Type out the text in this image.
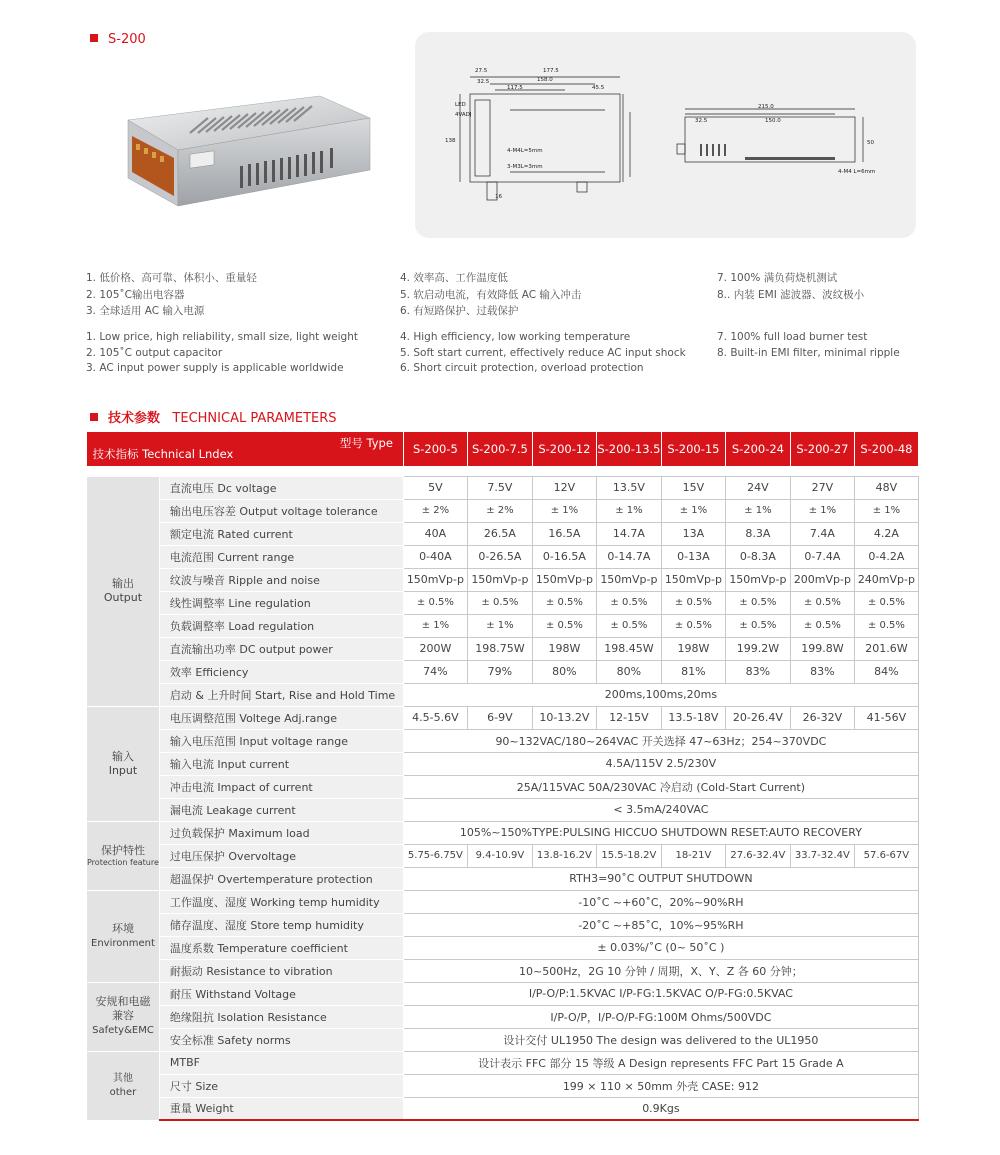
S-200
27.5	177.5
32.5	158.0
117.5	45.5
LED
4VADJ
4-M4L=5mm
3-M3L=3mm
138
16
215.0
32.5	150.0
50
4-M4 L=6mm
1. 低价格、高可靠、体积小、重量轻
2. 105˚C输出电容器
3. 全球适用 AC 输入电源
4. 效率高、工作温度低
5. 软启动电流，有效降低 AC 输入冲击
6. 有短路保护、过载保护
7. 100% 满负荷烧机测试
8.. 内装 EMI 滤波器、波纹极小
1. Low price, high reliability, small size, light weight
2. 105˚C output capacitor
3. AC input power supply is applicable worldwide
4. High efficiency, low working temperature
5. Soft start current, effectively reduce AC input shock
6. Short circuit protection, overload protection
7. 100% full load burner test
8. Built-in EMI filter, minimal ripple
技术参数 TECHNICAL PARAMETERS
型号 Type
技术指标 Technical Lndex		S-200-5	S-200-7.5	S-200-12	S-200-13.5	S-200-15	S-200-24	S-200-27	S-200-48

输出
Output	直流电压 Dc voltage	5V	7.5V	12V	13.5V	15V	24V	27V	48V
	输出电压容差 Output voltage tolerance	± 2%	± 2%	± 1%	± 1%	± 1%	± 1%	± 1%	± 1%
	额定电流 Rated current	40A	26.5A	16.5A	14.7A	13A	8.3A	7.4A	4.2A
	电流范围 Current range	0-40A	0-26.5A	0-16.5A	0-14.7A	0-13A	0-8.3A	0-7.4A	0-4.2A
	纹波与噪音 Ripple and noise	150mVp-p	150mVp-p	150mVp-p	150mVp-p	150mVp-p	150mVp-p	200mVp-p	240mVp-p
	线性调整率 Line regulation	± 0.5%	± 0.5%	± 0.5%	± 0.5%	± 0.5%	± 0.5%	± 0.5%	± 0.5%
	负载调整率 Load regulation	± 1%	± 1%	± 0.5%	± 0.5%	± 0.5%	± 0.5%	± 0.5%	± 0.5%
	直流输出功率 DC output power	200W	198.75W	198W	198.45W	198W	199.2W	199.8W	201.6W
	效率 Efficiency	74%	79%	80%	80%	81%	83%	83%	84%
	启动 & 上升时间 Start, Rise and Hold Time	200ms,100ms,20ms							
输入
Input	电压调整范围 Voltege Adj.range	4.5-5.6V	6-9V	10-13.2V	12-15V	13.5-18V	20-26.4V	26-32V	41-56V
	输入电压范围 Input voltage range	90~132VAC/180~264VAC 开关选择 47~63Hz；254~370VDC							
	输入电流 Input current	4.5A/115V 2.5/230V							
	冲击电流 Impact of current	25A/115VAC 50A/230VAC 冷启动 (Cold-Start Current)							
	漏电流 Leakage current	< 3.5mA/240VAC							
保护特性
Protection feature	过负载保护 Maximum load	105%~150%TYPE:PULSING HICCUO SHUTDOWN RESET:AUTO RECOVERY							
	过电压保护 Overvoltage	5.75-6.75V	9.4-10.9V	13.8-16.2V	15.5-18.2V	18-21V	27.6-32.4V	33.7-32.4V	57.6-67V
	超温保护 Overtemperature protection	RTH3=90˚C OUTPUT SHUTDOWN							
环境
Environment	工作温度、湿度 Working temp humidity	-10˚C ~+60˚C，20%~90%RH							
	储存温度、湿度 Store temp humidity	-20˚C ~+85˚C，10%~95%RH							
	温度系数 Temperature coefficient	± 0.03%/˚C (0~ 50˚C )							
	耐振动 Resistance to vibration	10~500Hz，2G 10 分钟 / 周期，X、Y、Z 各 60 分钟；							

安规和电磁兼容
Safety&EMC	耐压 Withstand Voltage	I/P-O/P:1.5KVAC I/P-FG:1.5KVAC O/P-FG:0.5KVAC							
	绝缘阻抗 Isolation Resistance	I/P-O/P，I/P-O/P-FG:100M Ohms/500VDC							
	安全标准 Safety norms	设计交付 UL1950 The design was delivered to the UL1950							
其他
other	MTBF	设计表示 FFC 部分 15 等级 A Design represents FFC Part 15 Grade A							
	尺寸 Size	199 × 110 × 50mm 外壳 CASE: 912							
	重量 Weight	0.9Kgs							
